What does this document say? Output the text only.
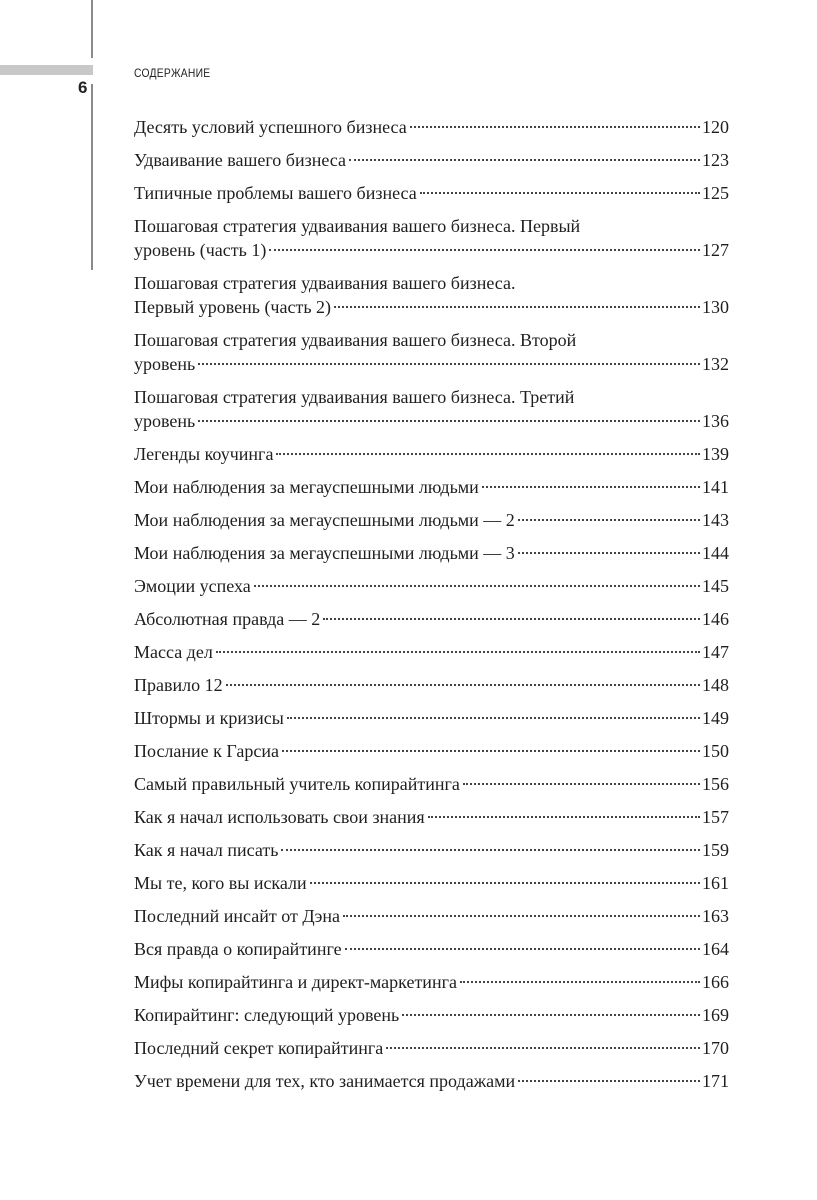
6
СОДЕРЖАНИЕ
Десять условий успешного бизнеса	120
Удваивание вашего бизнеса	123
Типичные проблемы вашего бизнеса	125
Пошаговая стратегия удваивания вашего бизнеса. Первый
уровень (часть 1)	127
Пошаговая стратегия удваивания вашего бизнеса.
Первый уровень (часть 2)	130
Пошаговая стратегия удваивания вашего бизнеса. Второй
уровень	132
Пошаговая стратегия удваивания вашего бизнеса. Третий
уровень	136
Легенды коучинга	139
Мои наблюдения за мегауспешными людьми	141
Мои наблюдения за мегауспешными людьми — 2	143
Мои наблюдения за мегауспешными людьми — 3	144
Эмоции успеха	145
Абсолютная правда — 2	146
Масса дел	147
Правило 12	148
Штормы и кризисы	149
Послание к Гарсиа	150
Самый правильный учитель копирайтинга	156
Как я начал использовать свои знания	157
Как я начал писать	159
Мы те, кого вы искали	161
Последний инсайт от Дэна	163
Вся правда о копирайтинге	164
Мифы копирайтинга и директ-маркетинга	166
Копирайтинг: следующий уровень	169
Последний секрет копирайтинга	170
Учет времени для тех, кто занимается продажами	171
